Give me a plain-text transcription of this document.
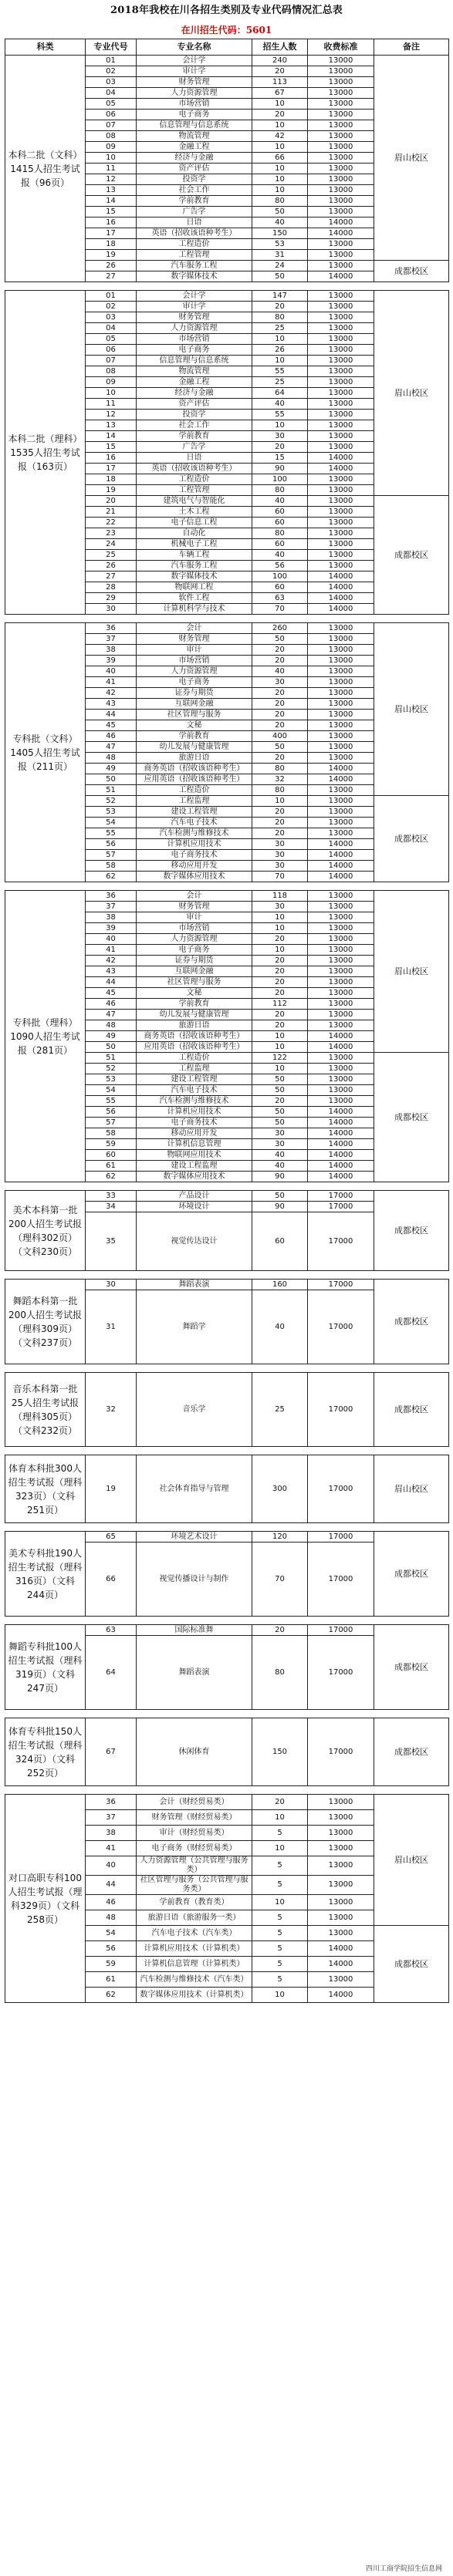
2018年我校在川各招生类别及专业代码情况汇总表
在川招生代码：5601
科类	专业代号	专业名称	招生人数	收费标准	备注
本科二批（文科）1415人招生考试报（96页）	01	会计学	240	13000	眉山校区
	02	审计学	20	13000	
	03	财务管理	113	13000	
	04	人力资源管理	67	13000	
	05	市场营销	10	13000	
	06	电子商务	20	13000	
	07	信息管理与信息系统	10	13000	
	08	物流管理	42	13000	
	09	金融工程	10	13000	
	10	经济与金融	66	13000	
	11	资产评估	10	13000	
	12	投资学	10	13000	
	13	社会工作	10	13000	
	14	学前教育	80	13000	
	15	广告学	50	13000	
	16	日语	40	14000	
	17	英语（招收该语种考生）	150	14000	
	18	工程造价	53	13000	
	19	工程管理	31	13000	
	26	汽车服务工程	24	13000	成都校区
	27	数字媒体技术	50	14000	

本科二批（理科）1535人招生考试报（163页）	01	会计学	147	13000	眉山校区
	02	审计学	20	13000	
	03	财务管理	80	13000	
	04	人力资源管理	25	13000	
	05	市场营销	10	13000	
	06	电子商务	26	13000	
	07	信息管理与信息系统	10	13000	
	08	物流管理	55	13000	
	09	金融工程	25	13000	
	10	经济与金融	64	13000	
	11	资产评估	40	13000	
	12	投资学	55	13000	
	13	社会工作	10	13000	
	14	学前教育	30	13000	
	15	广告学	20	13000	
	16	日语	15	14000	
	17	英语（招收该语种考生）	90	14000	
	18	工程造价	100	13000	
	19	工程管理	80	13000	
	20	建筑电气与智能化	40	13000	成都校区
	21	土木工程	60	13000	
	22	电子信息工程	60	13000	
	23	自动化	80	13000	
	24	机械电子工程	60	13000	
	25	车辆工程	40	13000	
	26	汽车服务工程	56	13000	
	27	数字媒体技术	100	14000	
	28	物联网工程	60	14000	
	29	软件工程	63	14000	
	30	计算机科学与技术	70	14000	

专科批（文科）1405人招生考试报（211页）	36	会计	260	13000	眉山校区
	37	财务管理	50	13000	
	38	审计	20	13000	
	39	市场营销	20	13000	
	40	人力资源管理	40	13000	
	41	电子商务	30	13000	
	42	证券与期货	20	13000	
	43	互联网金融	20	13000	
	44	社区管理与服务	20	13000	
	45	文秘	20	13000	
	46	学前教育	400	13000	
	47	幼儿发展与健康管理	50	13000	
	48	旅游日语	20	13000	
	49	商务英语（招收该语种考生）	80	14000	
	50	应用英语（招收该语种考生）	32	14000	
	51	工程造价	80	13000	
	52	工程监理	10	13000	成都校区
	53	建设工程管理	20	13000	
	54	汽车电子技术	20	13000	
	55	汽车检测与维修技术	20	13000	
	56	计算机应用技术	30	14000	
	57	电子商务技术	30	14000	
	58	移动应用开发	30	14000	
	62	数字媒体应用技术	70	14000	

专科批（理科）1090人招生考试报（281页）	36	会计	118	13000	眉山校区
	37	财务管理	30	13000	
	38	审计	10	13000	
	39	市场营销	10	13000	
	40	人力资源管理	20	13000	
	41	电子商务	10	13000	
	42	证券与期货	20	13000	
	43	互联网金融	20	13000	
	44	社区管理与服务	20	13000	
	45	文秘	20	13000	
	46	学前教育	112	13000	
	47	幼儿发展与健康管理	20	13000	
	48	旅游日语	20	13000	
	49	商务英语（招收该语种考生）	10	14000	
	50	应用英语（招收该语种考生）	10	14000	
	51	工程造价	122	13000	成都校区
	52	工程监理	10	13000	
	53	建设工程管理	50	13000	
	54	汽车电子技术	50	13000	
	55	汽车检测与维修技术	20	13000	
	56	计算机应用技术	50	14000	
	57	电子商务技术	50	14000	
	58	移动应用开发	30	14000	
	59	计算机信息管理	30	14000	
	60	物联网应用技术	40	14000	
	61	建设工程监理	40	14000	
	62	数字媒体应用技术	90	14000	

美术本科第一批200人招生考试报（理科302页）（文科230页）	33	产品设计	50	17000	成都校区
	34	环境设计	90	17000	
	35	视觉传达设计	60	17000	

舞蹈本科第一批200人招生考试报（理科309页）（文科237页）	30	舞蹈表演	160	17000	成都校区
	31	舞蹈学	40	17000	

音乐本科第一批25人招生考试报（理科305页）（文科232页）	32	音乐学	25	17000	成都校区

体育本科批300人招生考试报（理科323页）（文科251页）	19	社会体育指导与管理	300	17000	眉山校区

美术专科批190人招生考试报（理科316页）（文科244页）	65	环境艺术设计	120	17000	成都校区
	66	视觉传播设计与制作	70	17000	

舞蹈专科批100人招生考试报（理科319页）（文科247页）	63	国际标准舞	20	17000	成都校区
	64	舞蹈表演	80	17000	

体育专科批150人招生考试报（理科324页）（文科252页）	67	休闲体育	150	17000	成都校区

对口高职专科100人招生考试报（理科329页）（文科258页）	36	会计（财经贸易类）	20	13000	眉山校区
	37	财务管理（财经贸易类）	10	13000	
	38	审计（财经贸易类）	5	13000	
	41	电子商务（财经贸易类）	10	13000	
	40	人力资源管理（公共管理与服务类）	5	13000	
	44	社区管理与服务（公共管理与服务类）	5	13000	
	46	学前教育（教育类）	10	13000	
	48	旅游日语（旅游服务一类）	5	13000	
	54	汽车电子技术（汽车类）	5	13000	成都校区
	56	计算机应用技术（计算机类）	5	14000	
	59	计算机信息管理（计算机类）	5	14000	
	61	汽车检测与维修技术（汽车类）	5	13000	
	62	数字媒体应用技术（计算机类）	10	14000	
四川工商学院招生信息网
